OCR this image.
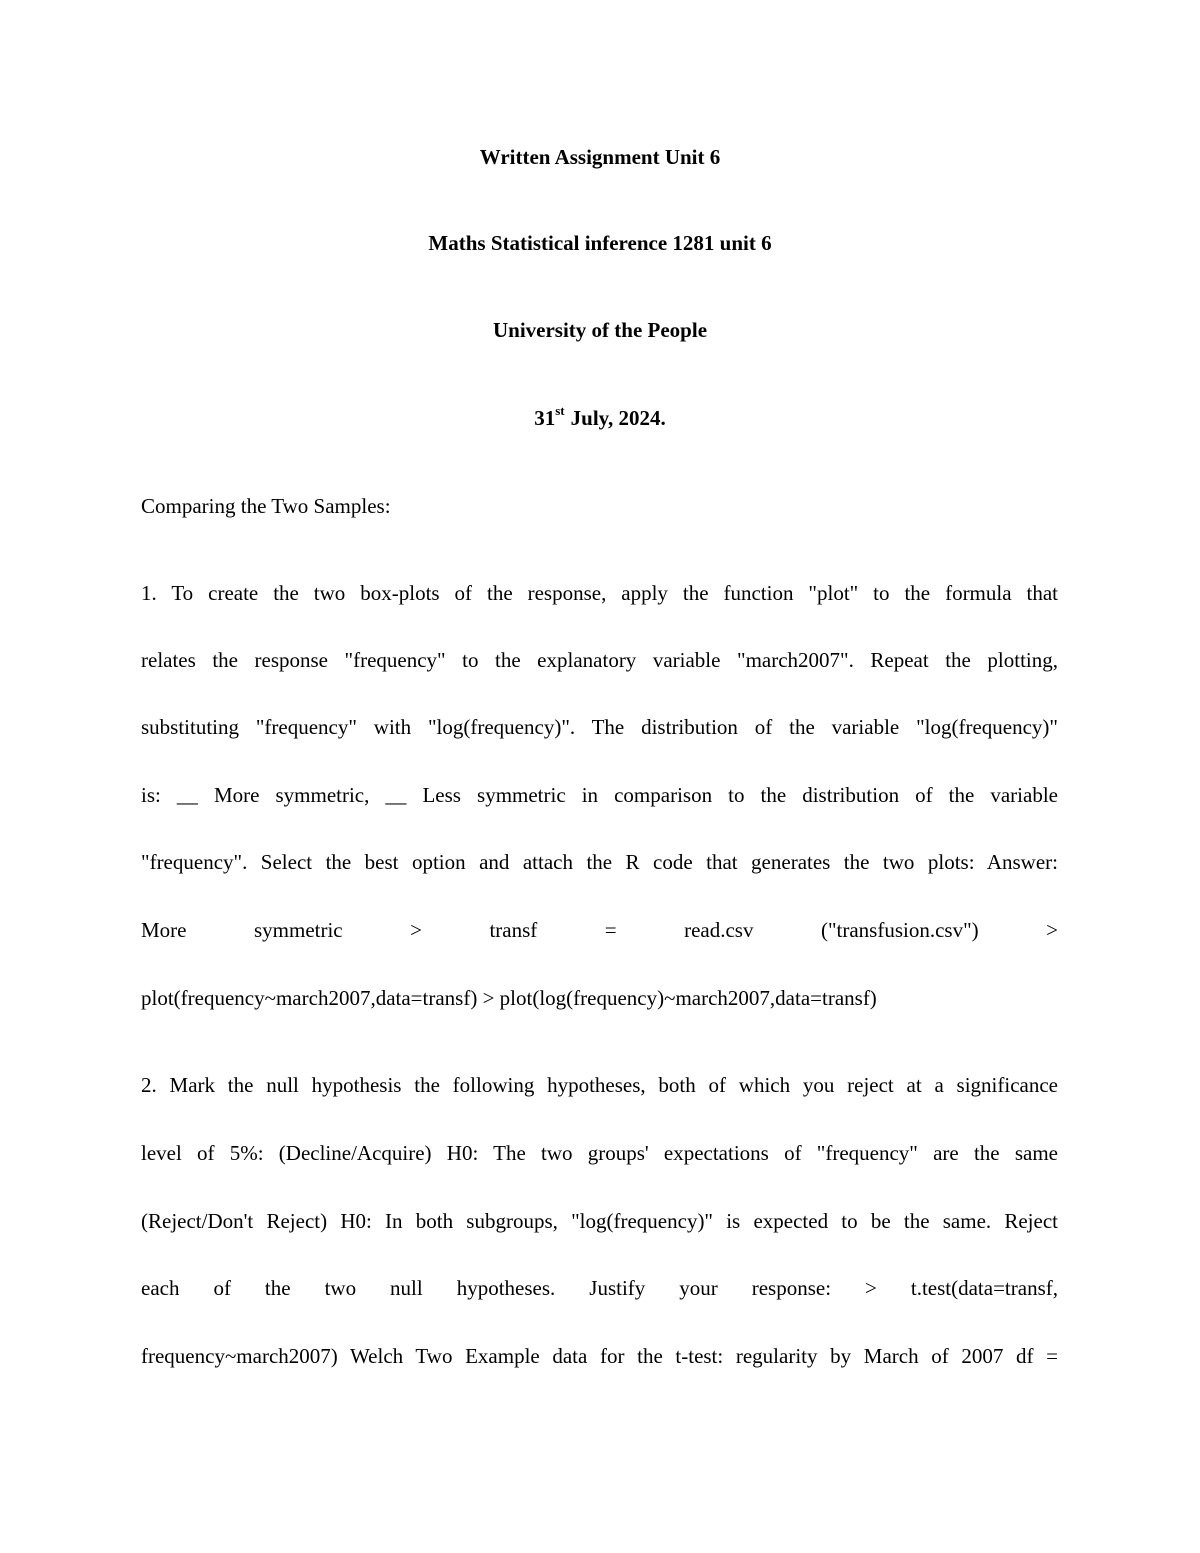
Written Assignment Unit 6
Maths Statistical inference 1281 unit 6
University of the People
31st July, 2024.
Comparing the Two Samples:
1. To create the two box-plots of the response, apply the function "plot" to the formula that
relates the response "frequency" to the explanatory variable "march2007". Repeat the plotting,
substituting "frequency" with "log(frequency)". The distribution of the variable "log(frequency)"
is: __ More symmetric, __ Less symmetric in comparison to the distribution of the variable
"frequency". Select the best option and attach the R code that generates the two plots: Answer:
More symmetric > transf = read.csv ("transfusion.csv") >
plot(frequency~march2007,data=transf) > plot(log(frequency)~march2007,data=transf)
2. Mark the null hypothesis the following hypotheses, both of which you reject at a significance
level of 5%: (Decline/Acquire) H0: The two groups' expectations of "frequency" are the same
(Reject/Don't Reject) H0: In both subgroups, "log(frequency)" is expected to be the same. Reject
each of the two null hypotheses. Justify your response: > t.test(data=transf,
frequency~march2007) Welch Two Example data for the t-test: regularity by March of 2007 df =
